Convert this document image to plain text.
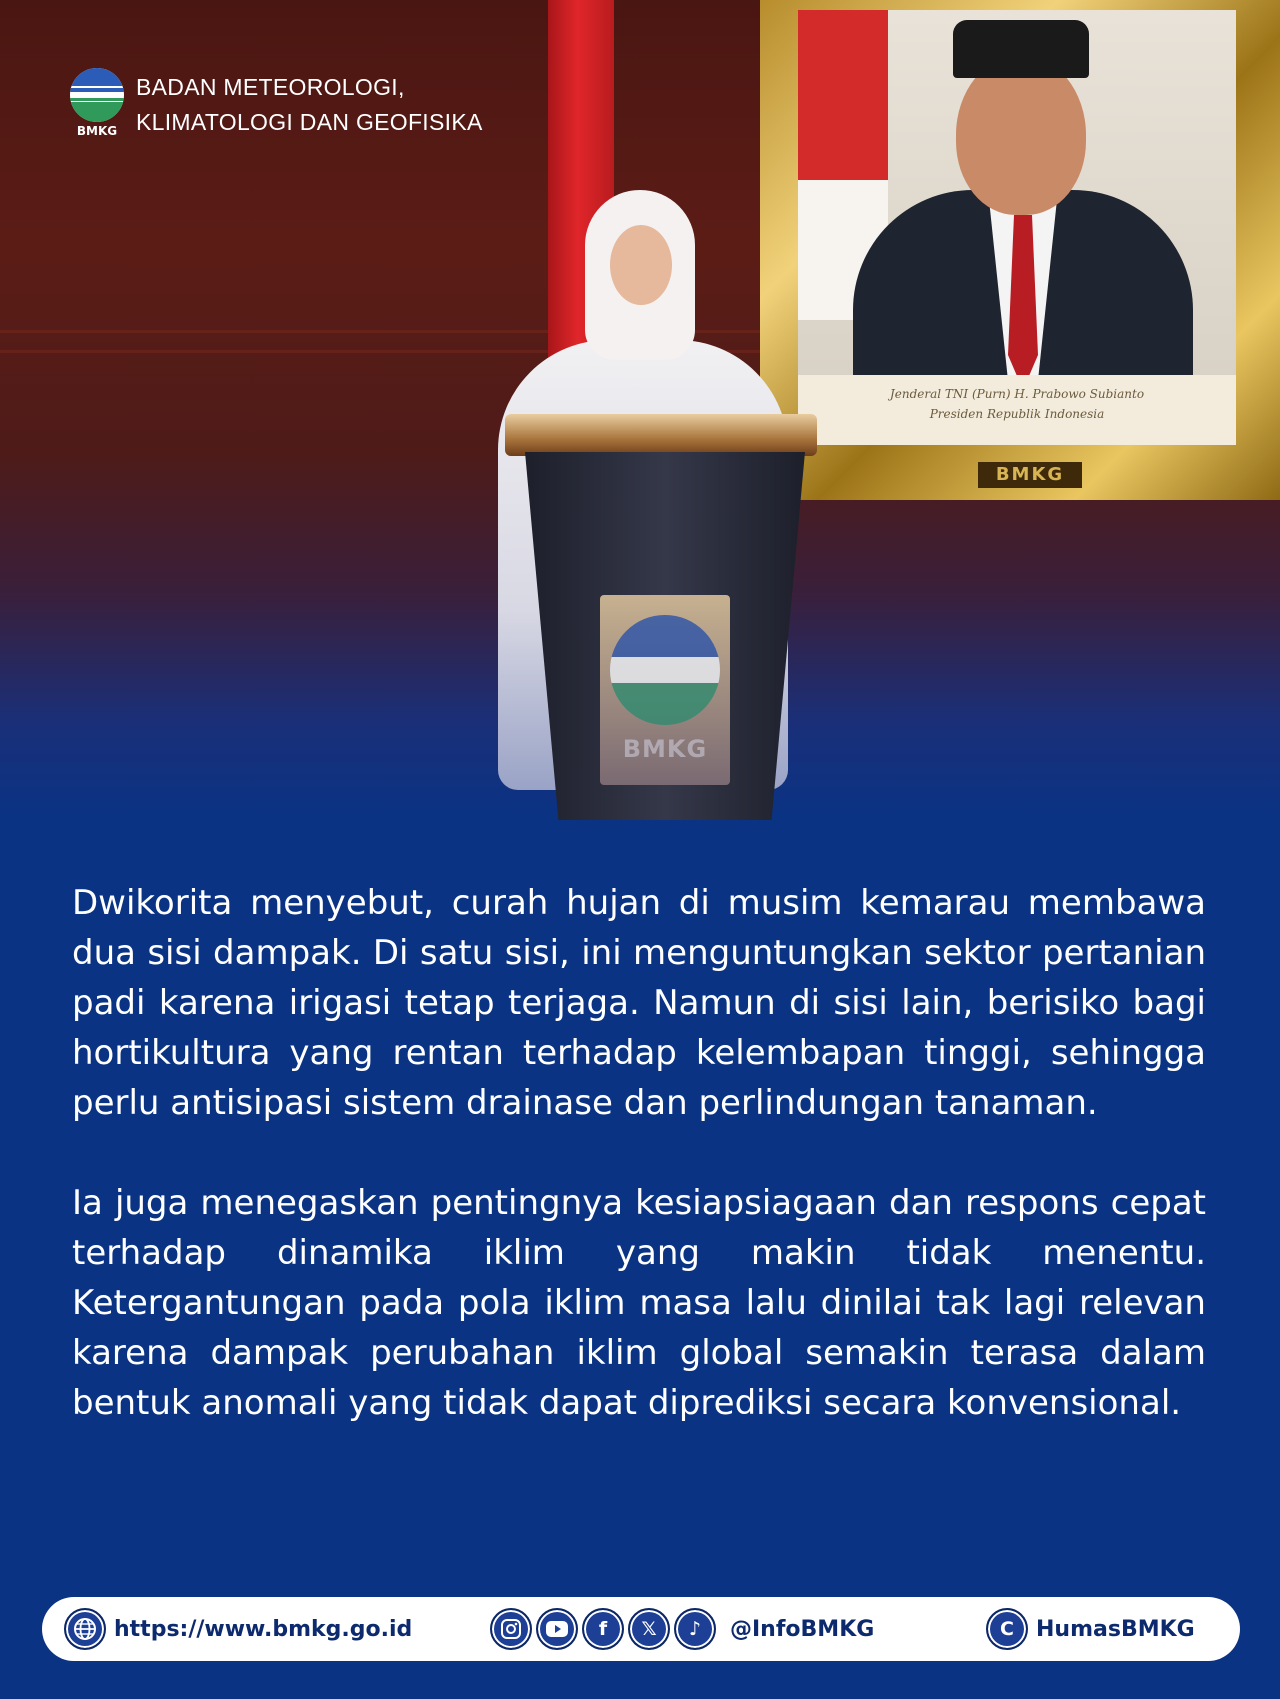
Jenderal TNI (Purn) H. Prabowo Subianto
Presiden Republik Indonesia
BMKG
BMKG
BMKG
BADAN METEOROLOGI,
KLIMATOLOGI DAN GEOFISIKA

Dwikorita menyebut, curah hujan di musim kemarau membawa dua sisi dampak. Di satu sisi, ini menguntungkan sektor pertanian padi karena irigasi tetap terjaga. Namun di sisi lain, berisiko bagi hortikultura yang rentan terhadap kelembapan tinggi, sehingga perlu antisipasi sistem drainase dan perlindungan tanaman.

Ia juga menegaskan pentingnya kesiapsiagaan dan respons cepat terhadap dinamika iklim yang makin tidak menentu. Ketergantungan pada pola iklim masa lalu dinilai tak lagi relevan karena dampak perubahan iklim global semakin terasa dalam bentuk anomali yang tidak dapat diprediksi secara konvensional.

https://www.bmkg.go.id	f	𝕏	♪	@InfoBMKG	C	HumasBMKG
